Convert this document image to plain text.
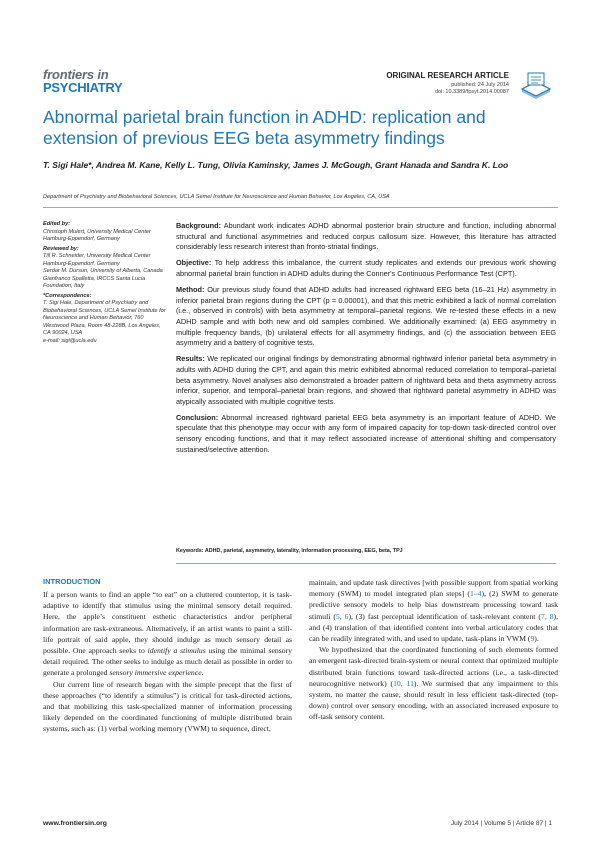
frontiers in
PSYCHIATRY
ORIGINAL RESEARCH ARTICLE
published: 24 July 2014
doi: 10.3389/fpsyt.2014.00087
Abnormal parietal brain function in ADHD: replication and extension of previous EEG beta asymmetry findings
T. Sigi Hale*, Andrea M. Kane, Kelly L. Tung, Olivia Kaminsky, James J. McGough, Grant Hanada and Sandra K. Loo
Department of Psychiatry and Biobehavioral Sciences, UCLA Semel Institute for Neuroscience and Human Behavior, Los Angeles, CA, USA
Edited by:
Christoph Mulert, University Medical Center Hamburg-Eppendorf, Germany
Reviewed by:
Till R. Schneider, University Medical Center Hamburg-Eppendorf, Germany
Serdar M. Dursun, University of Alberta, Canada
Gianfranco Spalletta, IRCCS Santa Lucia Foundation, Italy
*Correspondence:
T. Sigi Hale, Department of Psychiatry and Biobehavioral Sciences, UCLA Semel Institute for Neuroscience and Human Behavior, 760 Westwood Plaza, Room 48-228B, Los Angeles, CA 90024, USA
e-mail: sigi@ucla.edu

Background: Abundant work indicates ADHD abnormal posterior brain structure and function, including abnormal structural and functional asymmetries and reduced corpus callosum size. However, this literature has attracted considerably less research interest than fronto-striatal findings.

Objective: To help address this imbalance, the current study replicates and extends our previous work showing abnormal parietal brain function in ADHD adults during the Conner's Continuous Performance Test (CPT).

Method: Our previous study found that ADHD adults had increased rightward EEG beta (16–21 Hz) asymmetry in inferior parietal brain regions during the CPT (p = 0.00001), and that this metric exhibited a lack of normal correlation (i.e., observed in controls) with beta asymmetry at temporal–parietal regions. We re-tested these effects in a new ADHD sample and with both new and old samples combined. We additionally examined: (a) EEG asymmetry in multiple frequency bands, (b) unilateral effects for all asymmetry findings, and (c) the association between EEG asymmetry and a battery of cognitive tests.

Results: We replicated our original findings by demonstrating abnormal rightward inferior parietal beta asymmetry in adults with ADHD during the CPT, and again this metric exhibited abnormal reduced correlation to temporal–parietal beta asymmetry. Novel analyses also demonstrated a broader pattern of rightward beta and theta asymmetry across inferior, superior, and temporal–parietal brain regions, and showed that rightward parietal asymmetry in ADHD was atypically associated with multiple cognitive tests.

Conclusion: Abnormal increased rightward parietal EEG beta asymmetry is an important feature of ADHD. We speculate that this phenotype may occur with any form of impaired capacity for top-down task-directed control over sensory encoding functions, and that it may reflect associated increase of attentional shifting and compensatory sustained/selective attention.

Keywords: ADHD, parietal, asymmetry, laterality, information processing, EEG, beta, TPJ
INTRODUCTION

If a person wants to find an apple “to eat” on a cluttered countertop, it is task-adaptive to identify that stimulus using the minimal sensory detail required. Here, the apple’s constituent esthetic characteristics and/or peripheral information are task-extraneous. Alternatively, if an artist wants to paint a still-life portrait of said apple, they should indulge as much sensory detail as possible. One approach seeks to identify a stimulus using the minimal sensory detail required. The other seeks to indulge as much detail as possible in order to generate a prolonged sensory immersive experience.

Our current line of research began with the simple precept that the first of these approaches (“to identify a stimulus”) is critical for task-directed actions, and that mobilizing this task-specialized manner of information processing likely depended on the coordinated functioning of multiple distributed brain systems, such as: (1) verbal working memory (VWM) to sequence, direct,

maintain, and update task directives [with possible support from spatial working memory (SWM) to model integrated plan steps] (1–4), (2) SWM to generate predictive sensory models to help bias downstream processing toward task stimuli (5, 6), (3) fast perceptual identification of task-relevant content (7, 8), and (4) translation of that identified content into verbal articulatory codes that can be readily integrated with, and used to update, task-plans in VWM (9).

We hypothesized that the coordinated functioning of such elements formed an emergent task-directed brain-system or neural context that optimized multiple distributed brain functions toward task-directed actions (i.e., a task-directed neurocognitive network) (10, 11). We surmised that any impairment to this system, no matter the cause, should result in less efficient task-directed (top-down) control over sensory encoding, with an associated increased exposure to off-task sensory content.

www.frontiersin.org	July 2014 | Volume 5 | Article 87 | 1
